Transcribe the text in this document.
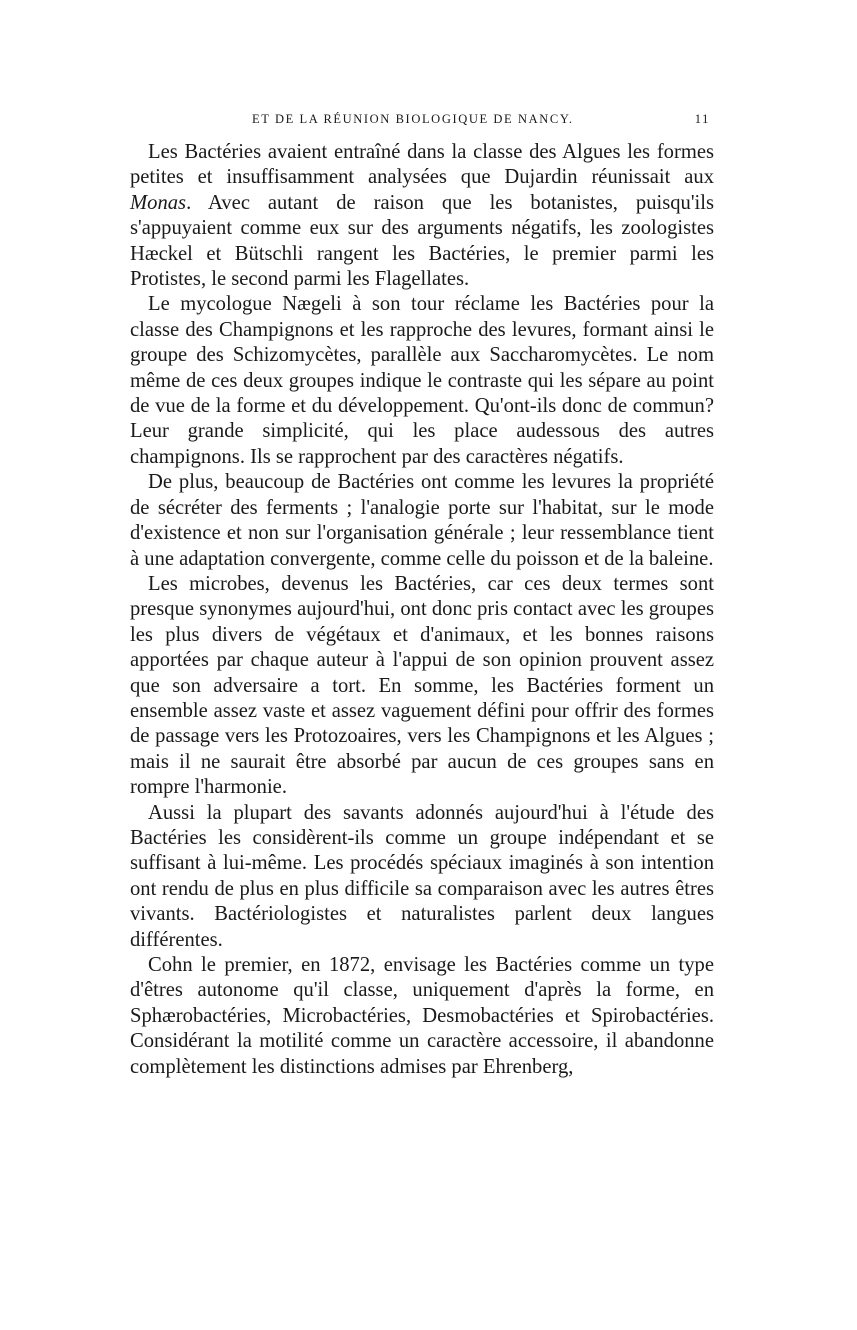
ET DE LA RÉUNION BIOLOGIQUE DE NANCY.	11

Les Bactéries avaient entraîné dans la classe des Algues les formes petites et insuffisamment analysées que Dujardin réunissait aux Monas. Avec autant de raison que les botanistes, puisqu'ils s'appuyaient comme eux sur des arguments négatifs, les zoologistes Hæckel et Bütschli rangent les Bactéries, le premier parmi les Protistes, le second parmi les Flagellates.

Le mycologue Nægeli à son tour réclame les Bactéries pour la classe des Champignons et les rapproche des levures, formant ainsi le groupe des Schizomycètes, parallèle aux Saccharomycètes. Le nom même de ces deux groupes indique le contraste qui les sépare au point de vue de la forme et du développement. Qu'ont-ils donc de commun? Leur grande simplicité, qui les place audessous des autres champignons. Ils se rapprochent par des caractères négatifs.

De plus, beaucoup de Bactéries ont comme les levures la propriété de sécréter des ferments ; l'analogie porte sur l'habitat, sur le mode d'existence et non sur l'organisation générale ; leur ressemblance tient à une adaptation convergente, comme celle du poisson et de la baleine.

Les microbes, devenus les Bactéries, car ces deux termes sont presque synonymes aujourd'hui, ont donc pris contact avec les groupes les plus divers de végétaux et d'animaux, et les bonnes raisons apportées par chaque auteur à l'appui de son opinion prouvent assez que son adversaire a tort. En somme, les Bactéries forment un ensemble assez vaste et assez vaguement défini pour offrir des formes de passage vers les Protozoaires, vers les Champignons et les Algues ; mais il ne saurait être absorbé par aucun de ces groupes sans en rompre l'harmonie.

Aussi la plupart des savants adonnés aujourd'hui à l'étude des Bactéries les considèrent-ils comme un groupe indépendant et se suffisant à lui-même. Les procédés spéciaux imaginés à son intention ont rendu de plus en plus difficile sa comparaison avec les autres êtres vivants. Bactériologistes et naturalistes parlent deux langues différentes.

Cohn le premier, en 1872, envisage les Bactéries comme un type d'êtres autonome qu'il classe, uniquement d'après la forme, en Sphærobactéries, Microbactéries, Desmobactéries et Spirobactéries. Considérant la motilité comme un caractère accessoire, il abandonne complètement les distinctions admises par Ehrenberg,
